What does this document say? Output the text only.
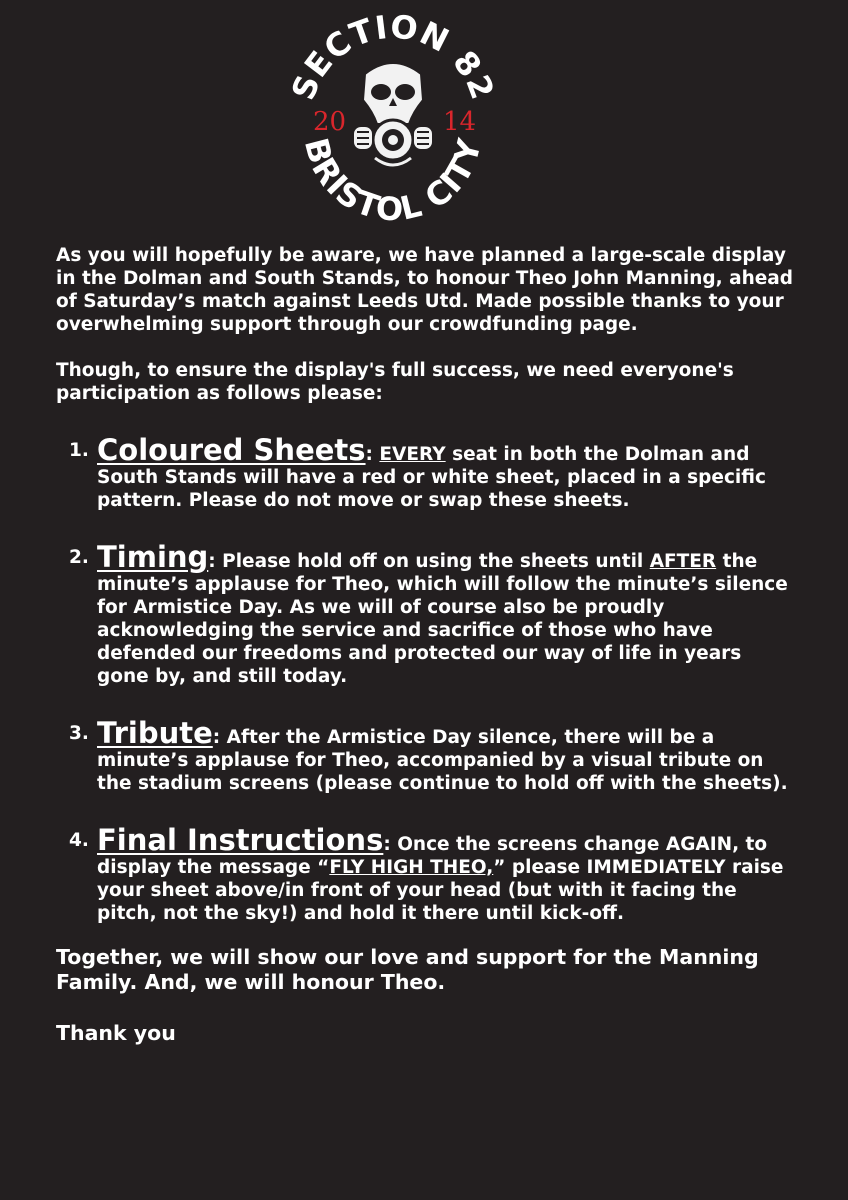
SECTION 82
BRISTOL CITY
20	14

As you will hopefully be aware, we have planned a large-scale display in the Dolman and South Stands, to honour Theo John Manning, ahead of Saturday’s match against Leeds Utd. Made possible thanks to your overwhelming support through our crowdfunding page.

Though, to ensure the display's full success, we need everyone's participation as follows please:

1. Coloured Sheets: EVERY seat in both the Dolman and South Stands will have a red or white sheet, placed in a specific pattern. Please do not move or swap these sheets.
2. Timing: Please hold off on using the sheets until AFTER the minute’s applause for Theo, which will follow the minute’s silence for Armistice Day. As we will of course also be proudly acknowledging the service and sacrifice of those who have defended our freedoms and protected our way of life in years gone by, and still today.
3. Tribute: After the Armistice Day silence, there will be a minute’s applause for Theo, accompanied by a visual tribute on the stadium screens (please continue to hold off with the sheets).
4. Final Instructions: Once the screens change AGAIN, to display the message “FLY HIGH THEO,” please IMMEDIATELY raise your sheet above/in front of your head (but with it facing the pitch, not the sky!) and hold it there until kick-off.

Together, we will show our love and support for the Manning Family. And, we will honour Theo.

Thank you
